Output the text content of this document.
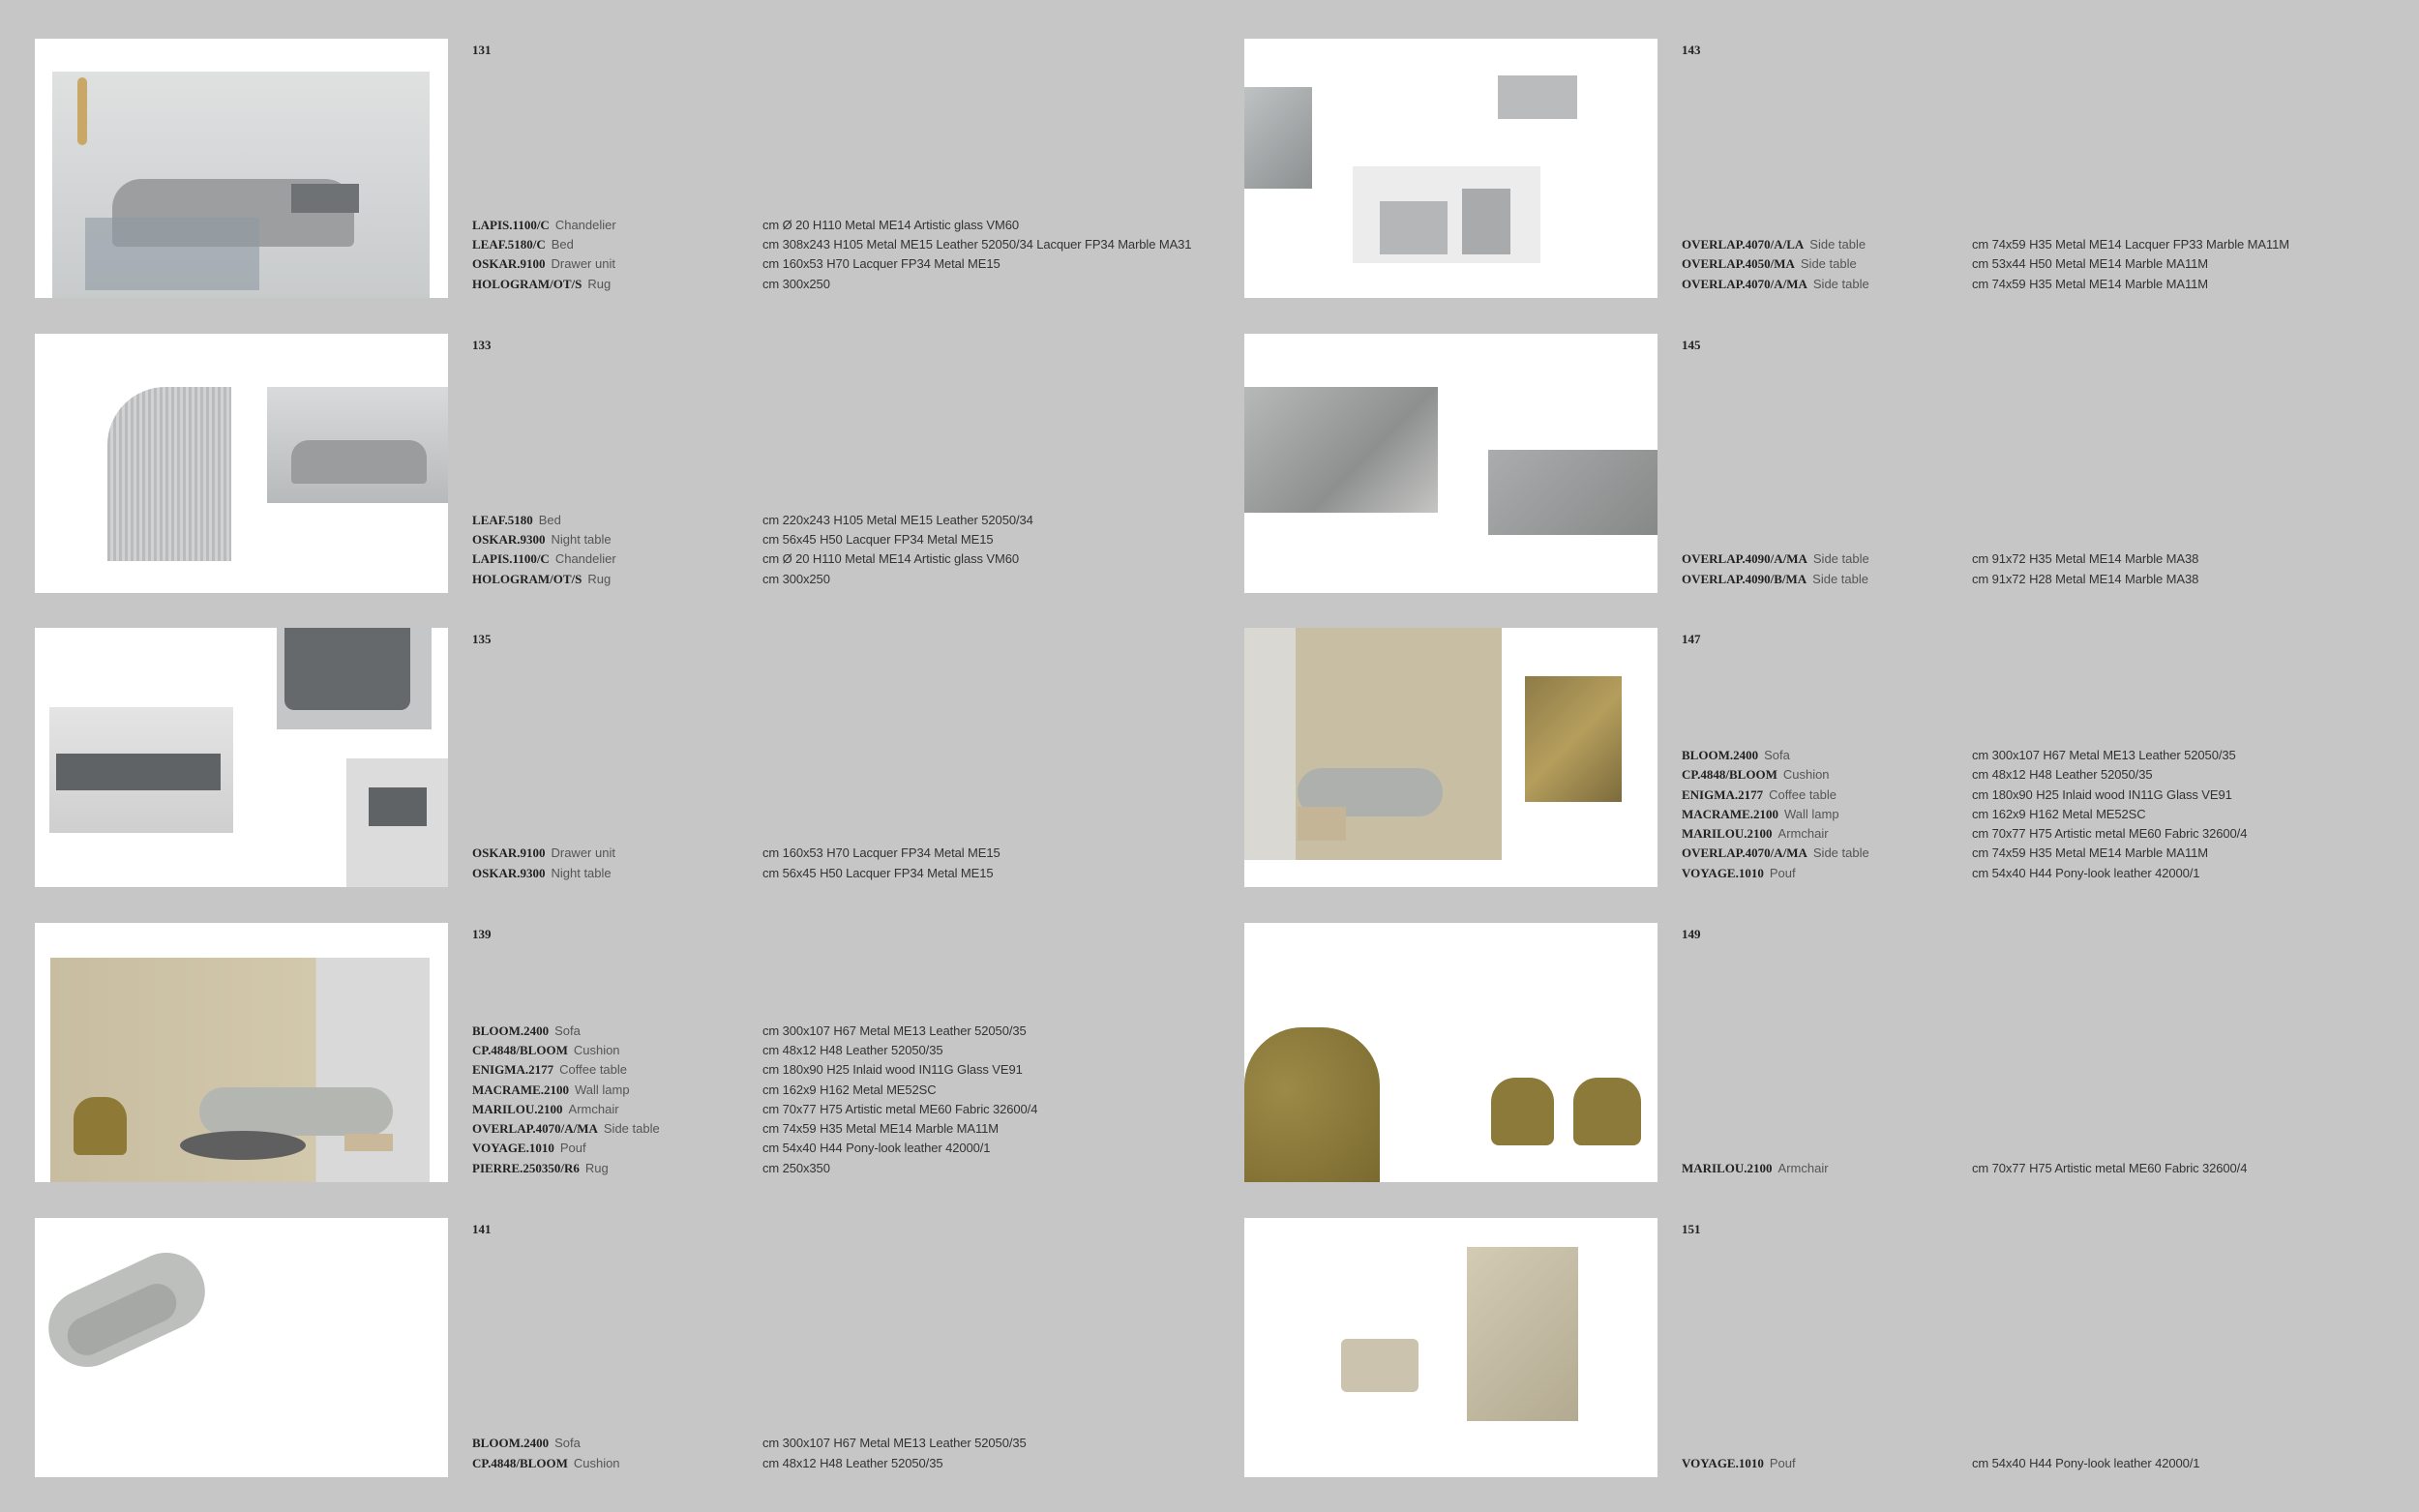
131
LAPIS.1100/C Chandelier	cm Ø 20 H110 Metal ME14 Artistic glass VM60
LEAF.5180/C Bed	cm 308x243 H105 Metal ME15 Leather 52050/34 Lacquer FP34 Marble MA31
OSKAR.9100 Drawer unit	cm 160x53 H70 Lacquer FP34 Metal ME15
HOLOGRAM/OT/S Rug	cm 300x250
133
LEAF.5180 Bed	cm 220x243 H105 Metal ME15 Leather 52050/34
OSKAR.9300 Night table	cm 56x45 H50 Lacquer FP34 Metal ME15
LAPIS.1100/C Chandelier	cm Ø 20 H110 Metal ME14 Artistic glass VM60
HOLOGRAM/OT/S Rug	cm 300x250
135
OSKAR.9100 Drawer unit	cm 160x53 H70 Lacquer FP34 Metal ME15
OSKAR.9300 Night table	cm 56x45 H50 Lacquer FP34 Metal ME15
139
BLOOM.2400 Sofa	cm 300x107 H67 Metal ME13 Leather 52050/35
CP.4848/BLOOM Cushion	cm 48x12 H48 Leather 52050/35
ENIGMA.2177 Coffee table	cm 180x90 H25 Inlaid wood IN11G Glass VE91
MACRAME.2100 Wall lamp	cm 162x9 H162 Metal ME52SC
MARILOU.2100 Armchair	cm 70x77 H75 Artistic metal ME60 Fabric 32600/4
OVERLAP.4070/A/MA Side table	cm 74x59 H35 Metal ME14 Marble MA11M
VOYAGE.1010 Pouf	cm 54x40 H44 Pony-look leather 42000/1
PIERRE.250350/R6 Rug	cm 250x350
141
BLOOM.2400 Sofa	cm 300x107 H67 Metal ME13 Leather 52050/35
CP.4848/BLOOM Cushion	cm 48x12 H48 Leather 52050/35
143
OVERLAP.4070/A/LA Side table	cm 74x59 H35 Metal ME14 Lacquer FP33 Marble MA11M
OVERLAP.4050/MA Side table	cm 53x44 H50 Metal ME14 Marble MA11M
OVERLAP.4070/A/MA Side table	cm 74x59 H35 Metal ME14 Marble MA11M
145
OVERLAP.4090/A/MA Side table	cm 91x72 H35 Metal ME14 Marble MA38
OVERLAP.4090/B/MA Side table	cm 91x72 H28 Metal ME14 Marble MA38
147
BLOOM.2400 Sofa	cm 300x107 H67 Metal ME13 Leather 52050/35
CP.4848/BLOOM Cushion	cm 48x12 H48 Leather 52050/35
ENIGMA.2177 Coffee table	cm 180x90 H25 Inlaid wood IN11G Glass VE91
MACRAME.2100 Wall lamp	cm 162x9 H162 Metal ME52SC
MARILOU.2100 Armchair	cm 70x77 H75 Artistic metal ME60 Fabric 32600/4
OVERLAP.4070/A/MA Side table	cm 74x59 H35 Metal ME14 Marble MA11M
VOYAGE.1010 Pouf	cm 54x40 H44 Pony-look leather 42000/1
149
MARILOU.2100 Armchair	cm 70x77 H75 Artistic metal ME60 Fabric 32600/4
151
VOYAGE.1010 Pouf	cm 54x40 H44 Pony-look leather 42000/1
